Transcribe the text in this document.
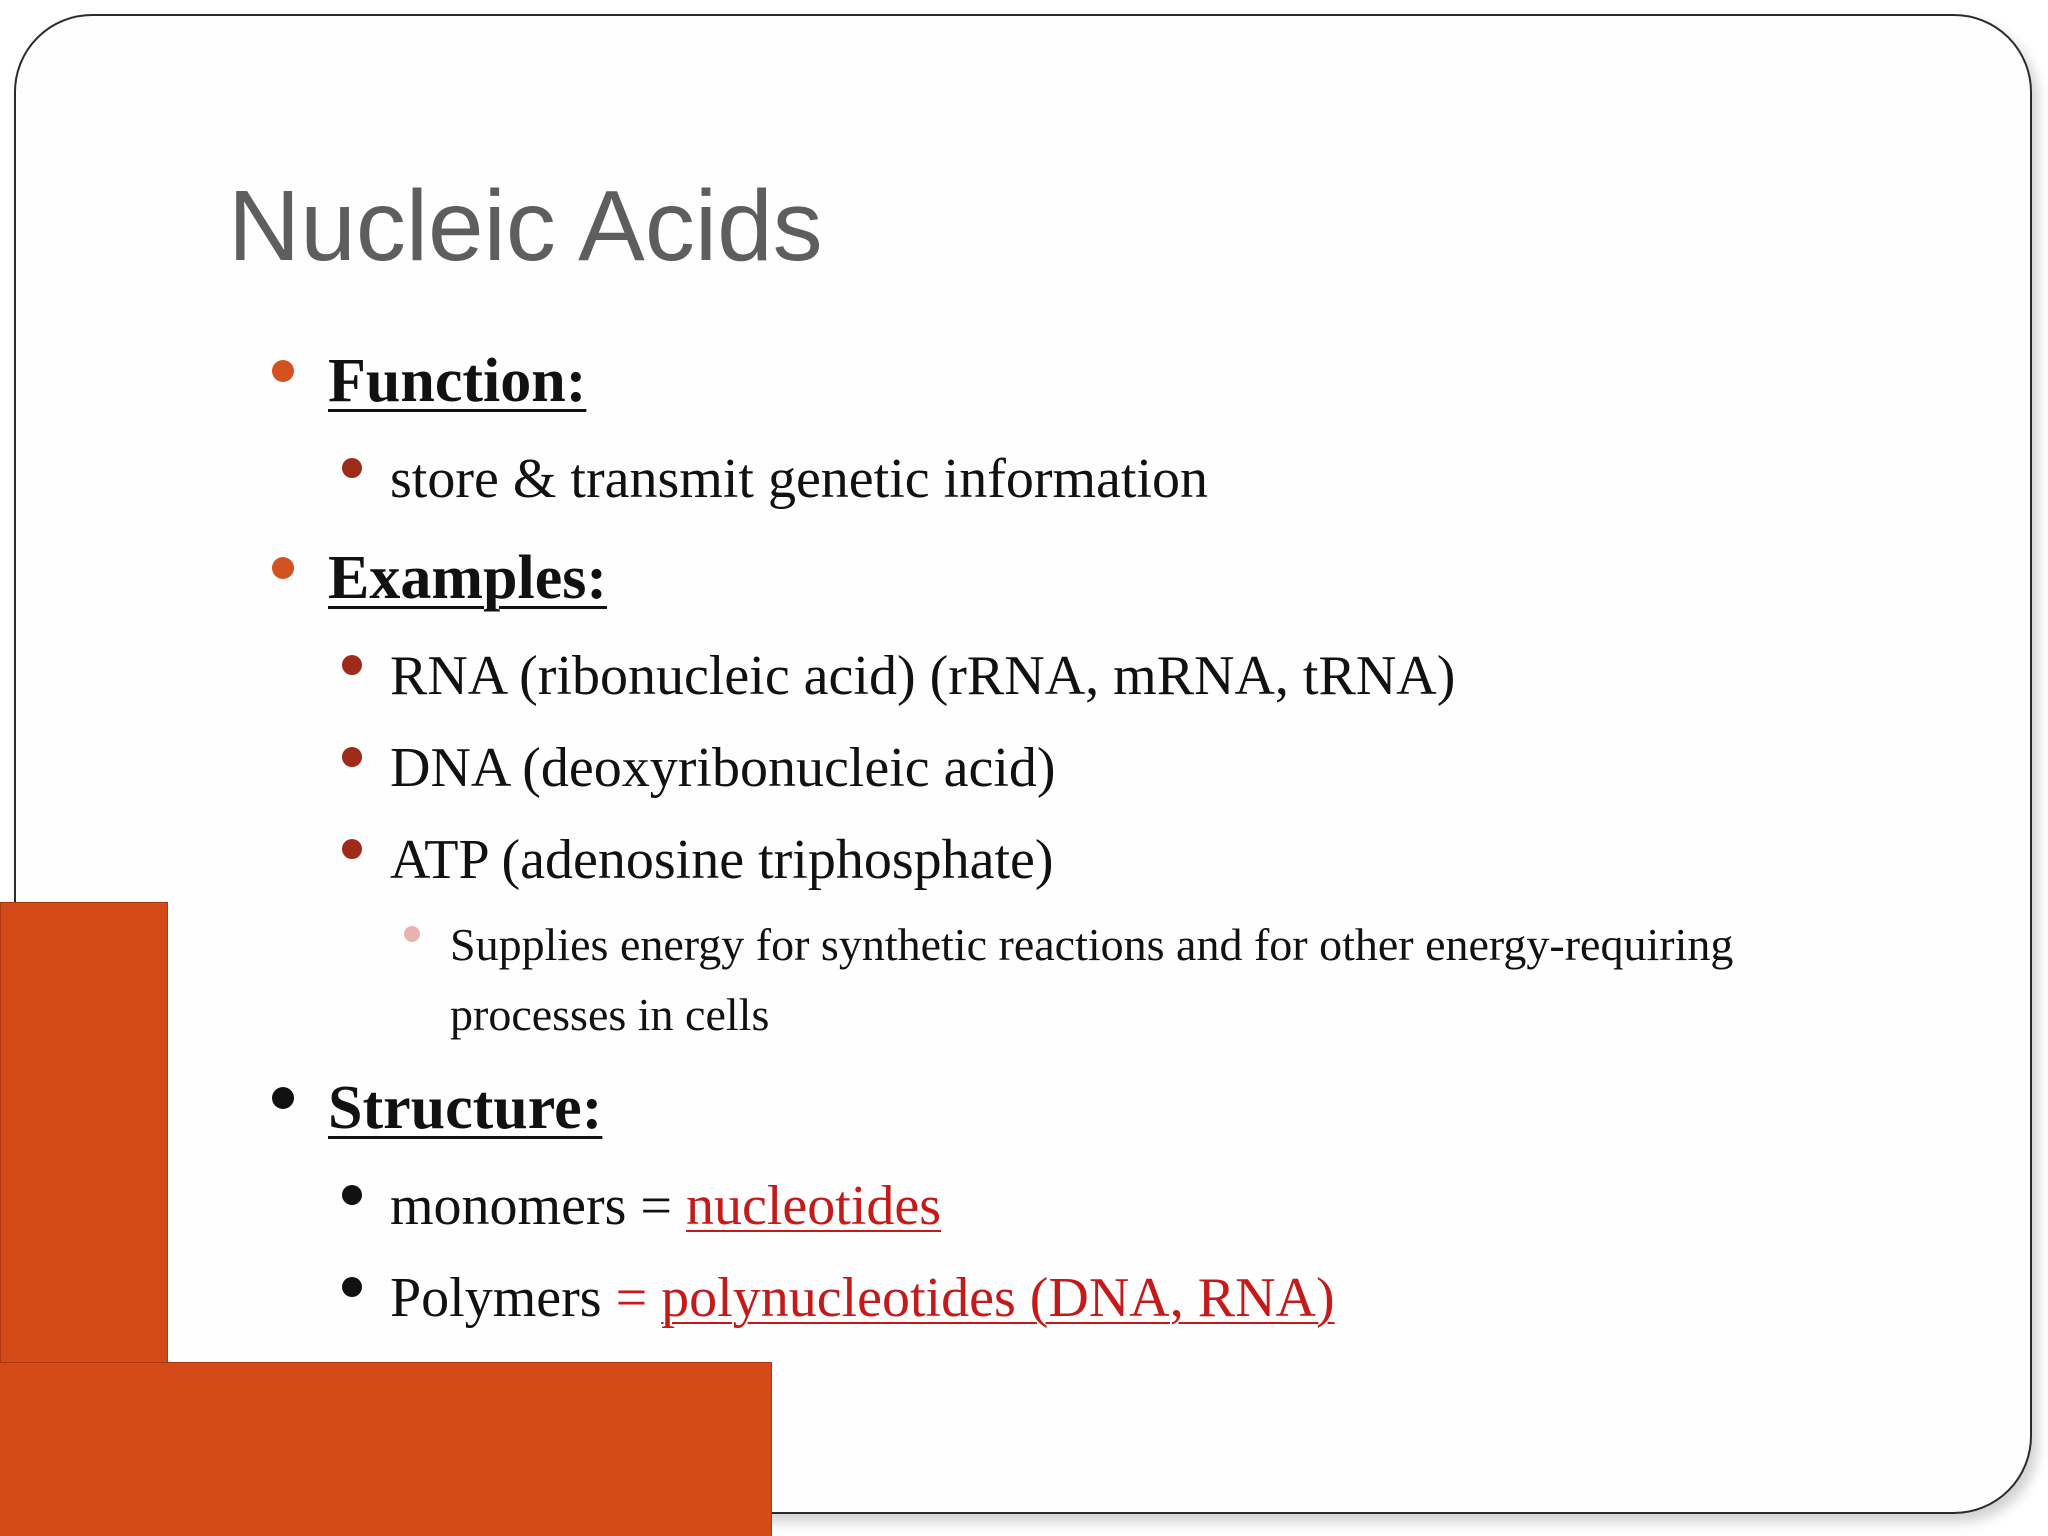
Nucleic Acids
Function:
store & transmit genetic information
Examples:
RNA (ribonucleic acid) (rRNA, mRNA, tRNA)
DNA (deoxyribonucleic acid)
ATP (adenosine triphosphate)
Supplies energy for synthetic reactions and for other energy-requiring processes in cells
Structure:
monomers = nucleotides
Polymers = polynucleotides (DNA, RNA)
